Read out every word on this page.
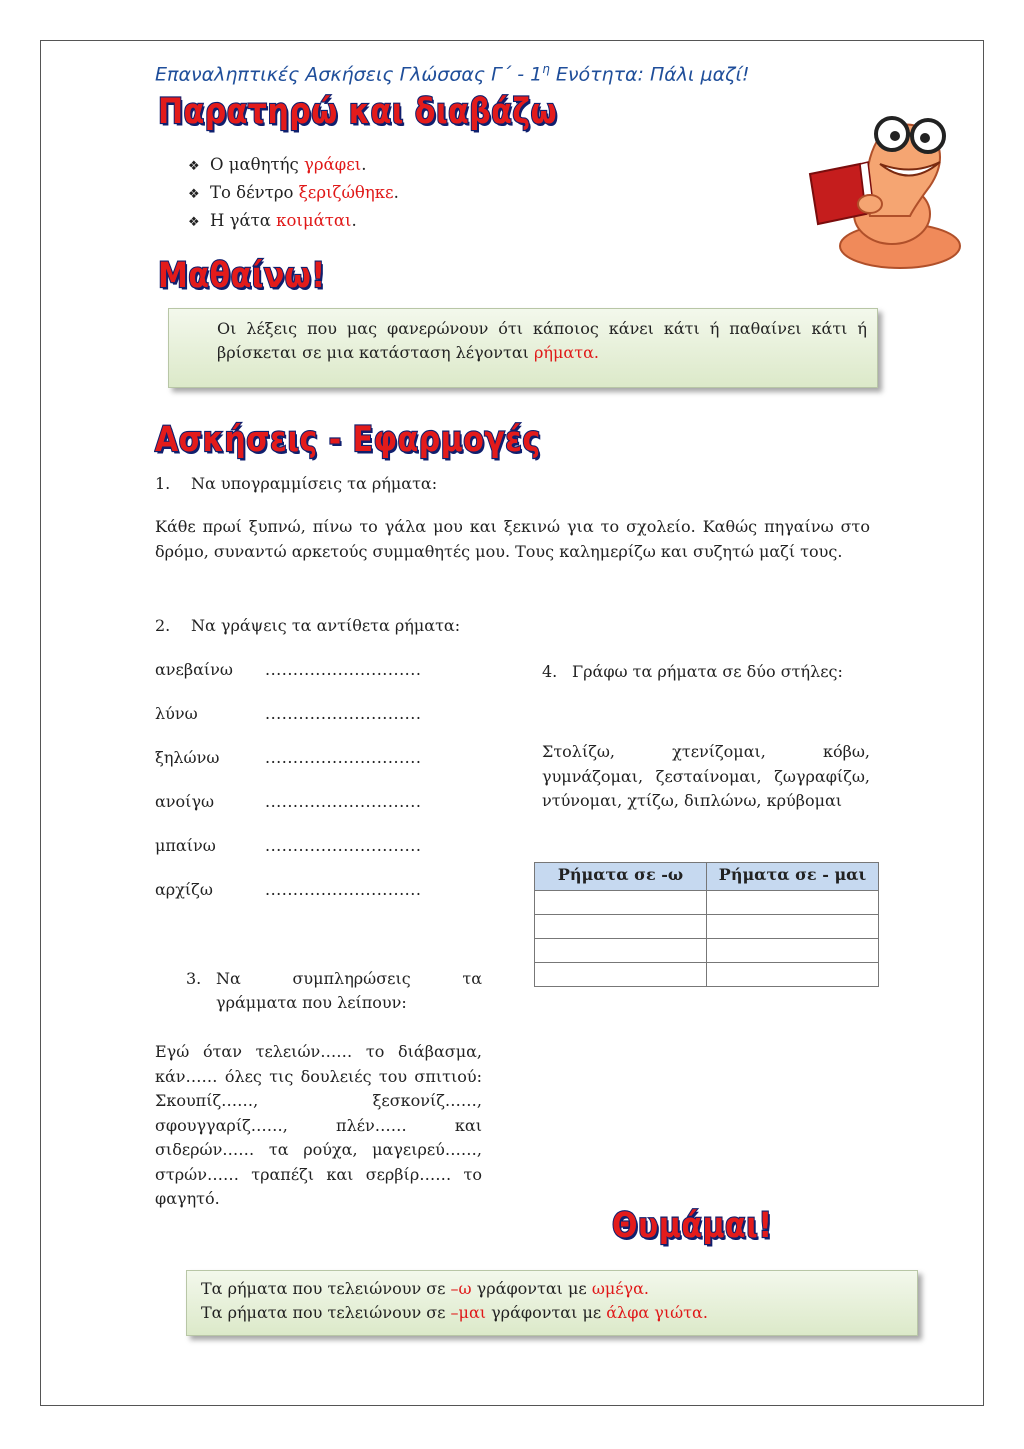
Επαναληπτικές Ασκήσεις Γλώσσας $\Gamma΄ - 1^\eta$ Ενότητα: Πάλι μαζί!
Παρατηρώ και διαβάζω
❖ Ο μαθητής γράφει.
❖ Το δέντρο ξεριζώθηκε.
❖ Η γάτα κοιμάται.
Μαθαίνω!
Οι λέξεις που μας φανερώνουν ότι κάποιος κάνει κάτι ή παθαίνει κάτι ή βρίσκεται σε μια κατάσταση λέγονται ρήματα.
Ασκήσεις - Εφαρμογές
1. Να υπογραμμίσεις τα ρήματα:
Κάθε πρωί ξυπνώ, πίνω το γάλα μου και ξεκινώ για το σχολείο. Καθώς πηγαίνω στο δρόμο, συναντώ αρκετούς συμμαθητές μου. Τους καλημερίζω και συζητώ μαζί τους.
2. Να γράψεις τα αντίθετα ρήματα:
ανεβαίνω ............................
λύνω	............................
ξηλώνω	............................
ανοίγω	............................
μπαίνω	............................
αρχίζω	............................
3. Να	συμπληρώσεις	τα
γράμματα που λείπουν:
Εγώ όταν τελειών…… το διάβασμα, κάν…… όλες τις δουλειές του σπιτιού: Σκουπίζ……, ξεσκονίζ……, σφουγγαρίζ……, πλέν…… και σιδερών…… τα ρούχα, μαγειρεύ……, στρών…… τραπέζι και σερβίρ…… το φαγητό.
4. Γράφω τα ρήματα σε δύο στήλες:
Στολίζω, χτενίζομαι, κόβω, γυμνάζομαι, ζεσταίνομαι, ζωγραφίζω, ντύνομαι, χτίζω, διπλώνω, κρύβομαι
Ρήματα σε -ω	Ρήματα σε - μαι

Θυμάμαι!
Τα ρήματα που τελειώνουν σε –ω γράφονται με ωμέγα.
Τα ρήματα που τελειώνουν σε –μαι γράφονται με άλφα γιώτα.
